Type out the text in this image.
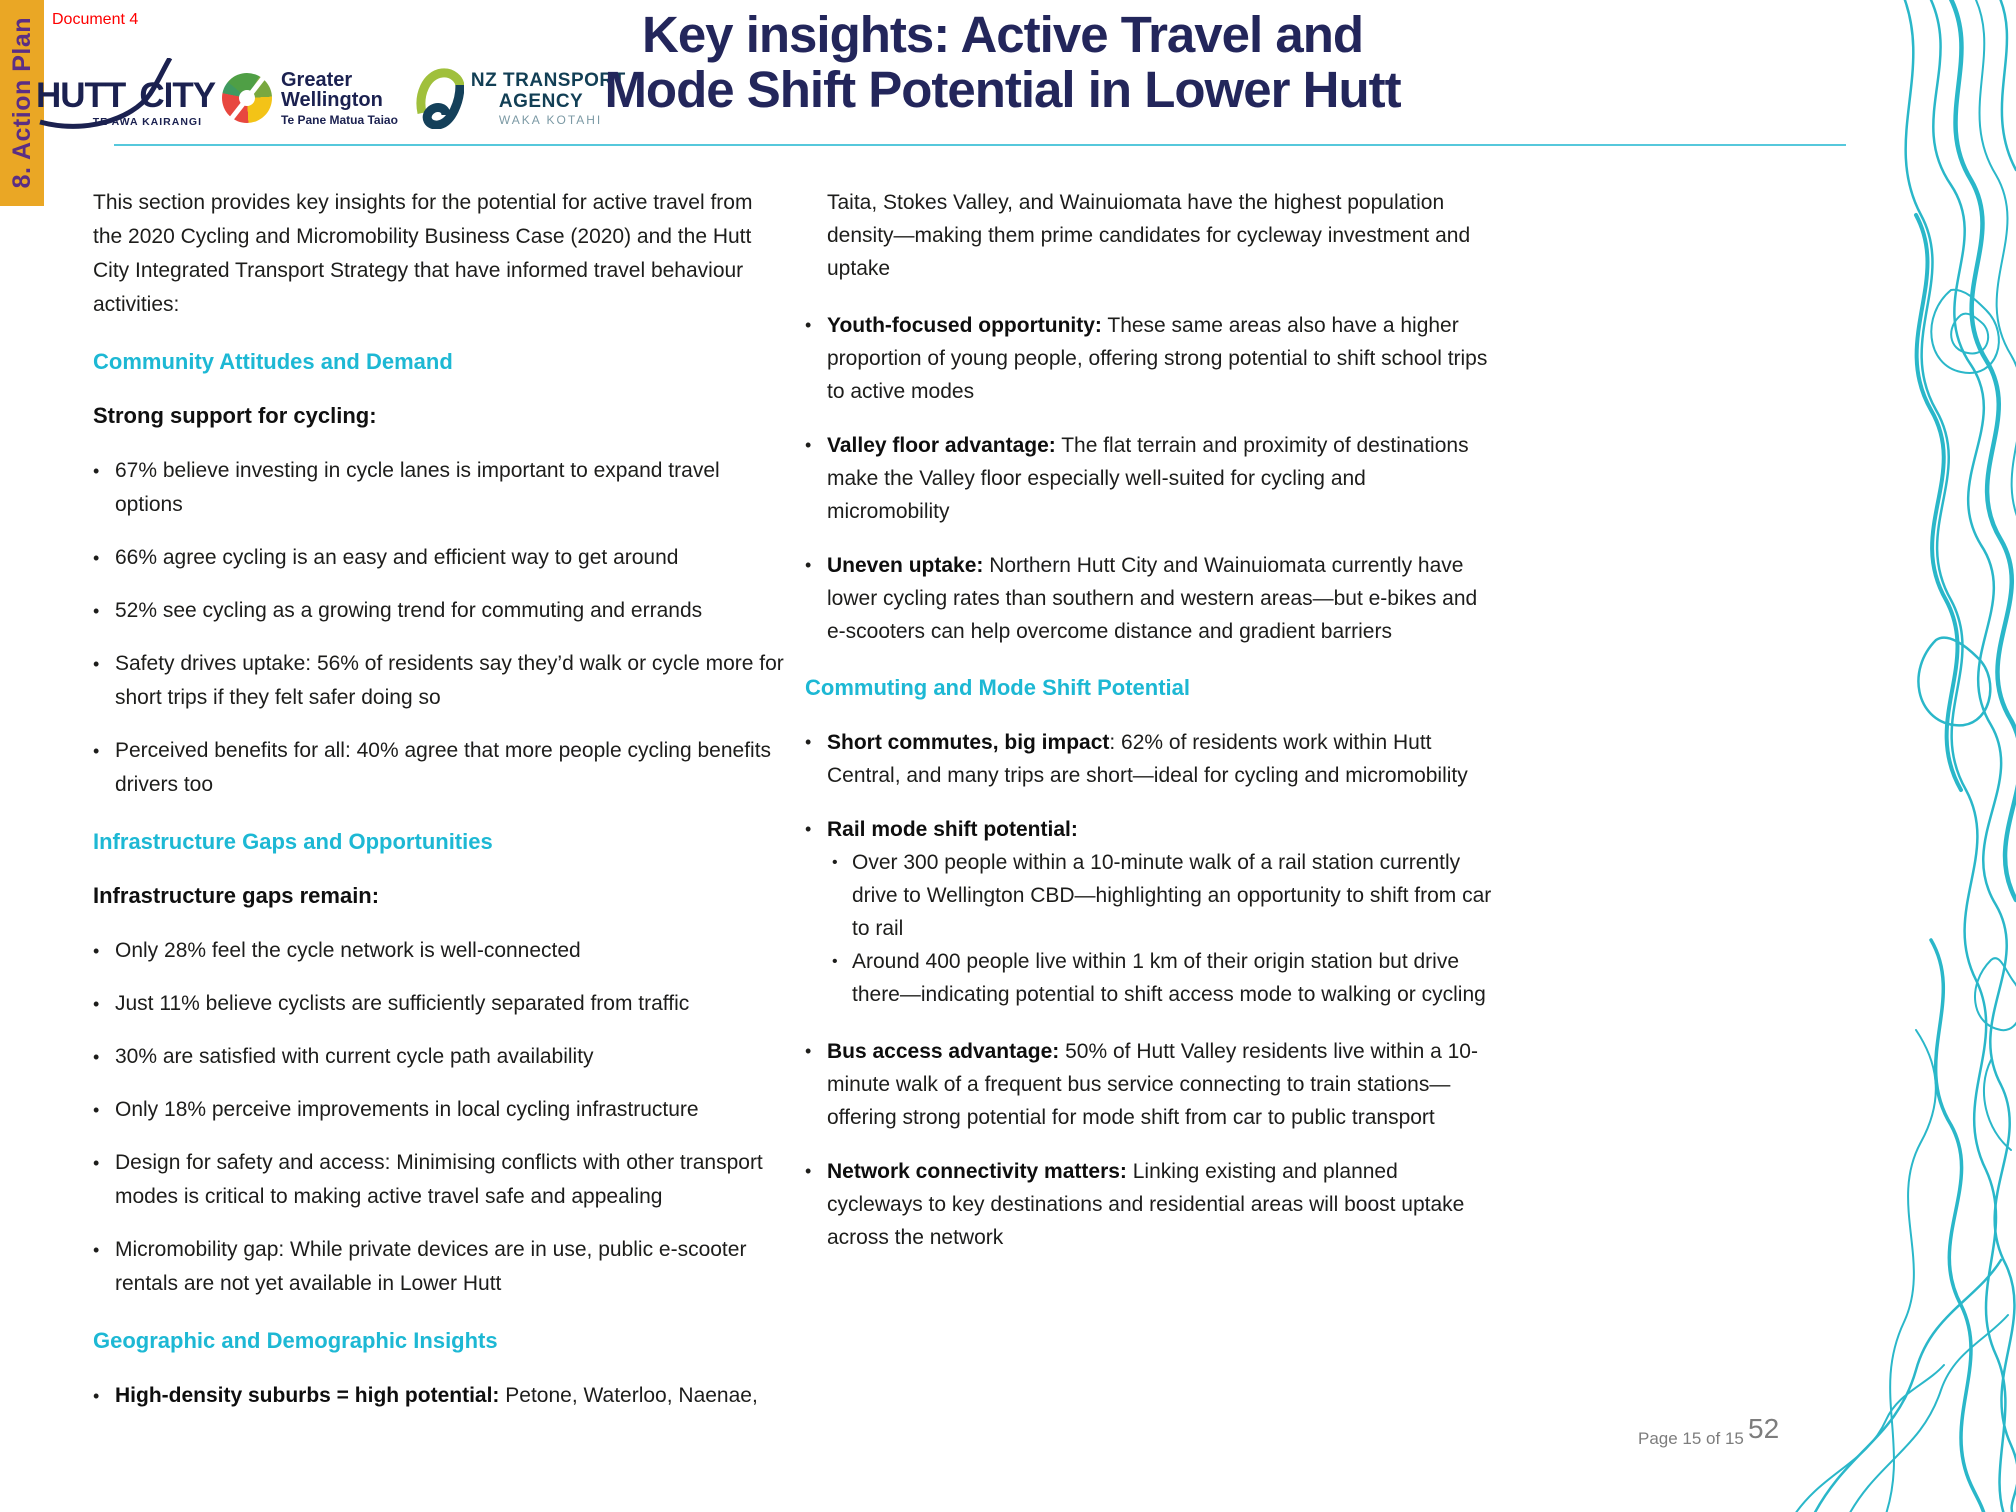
8. Action Plan Document 4
HUTT CITY
TE AWA KAIRANGI
Greater
Wellington
Te Pane Matua Taiao
NZ TRANSPORT
AGENCY
WAKA KOTAHI
Key insights: Active Travel and
Mode Shift Potential in Lower Hutt
This section provides key insights for the potential for active travel from the 2020 Cycling and Micromobility Business Case (2020) and the Hutt City Integrated Transport Strategy that have informed travel behaviour activities:
Community Attitudes and Demand
Strong support for cycling:
• 67% believe investing in cycle lanes is important to expand travel options
• 66% agree cycling is an easy and efficient way to get around
• 52% see cycling as a growing trend for commuting and errands
• Safety drives uptake: 56% of residents say they’d walk or cycle more for short trips if they felt safer doing so
• Perceived benefits for all: 40% agree that more people cycling benefits drivers too
Infrastructure Gaps and Opportunities
Infrastructure gaps remain:
• Only 28% feel the cycle network is well-connected
• Just 11% believe cyclists are sufficiently separated from traffic
• 30% are satisfied with current cycle path availability
• Only 18% perceive improvements in local cycling infrastructure
• Design for safety and access: Minimising conflicts with other transport modes is critical to making active travel safe and appealing
• Micromobility gap: While private devices are in use, public e-scooter rentals are not yet available in Lower Hutt
Geographic and Demographic Insights
• High-density suburbs = high potential: Petone, Waterloo, Naenae,
Taita, Stokes Valley, and Wainuiomata have the highest population density—making them prime candidates for cycleway investment and uptake
• Youth-focused opportunity: These same areas also have a higher proportion of young people, offering strong potential to shift school trips to active modes
• Valley floor advantage: The flat terrain and proximity of destinations make the Valley floor especially well-suited for cycling and micromobility
• Uneven uptake: Northern Hutt City and Wainuiomata currently have lower cycling rates than southern and western areas—but e-bikes and e-scooters can help overcome distance and gradient barriers
Commuting and Mode Shift Potential
• Short commutes, big impact: 62% of residents work within Hutt Central, and many trips are short—ideal for cycling and micromobility
• Rail mode shift potential:
• Over 300 people within a 10-minute walk of a rail station currently drive to Wellington CBD—highlighting an opportunity to shift from car to rail
• Around 400 people live within 1 km of their origin station but drive there—indicating potential to shift access mode to walking or cycling
• Bus access advantage: 50% of Hutt Valley residents live within a 10-minute walk of a frequent bus service connecting to train stations—offering strong potential for mode shift from car to public transport
• Network connectivity matters: Linking existing and planned cycleways to key destinations and residential areas will boost uptake across the network
Page 15 of 15 52
